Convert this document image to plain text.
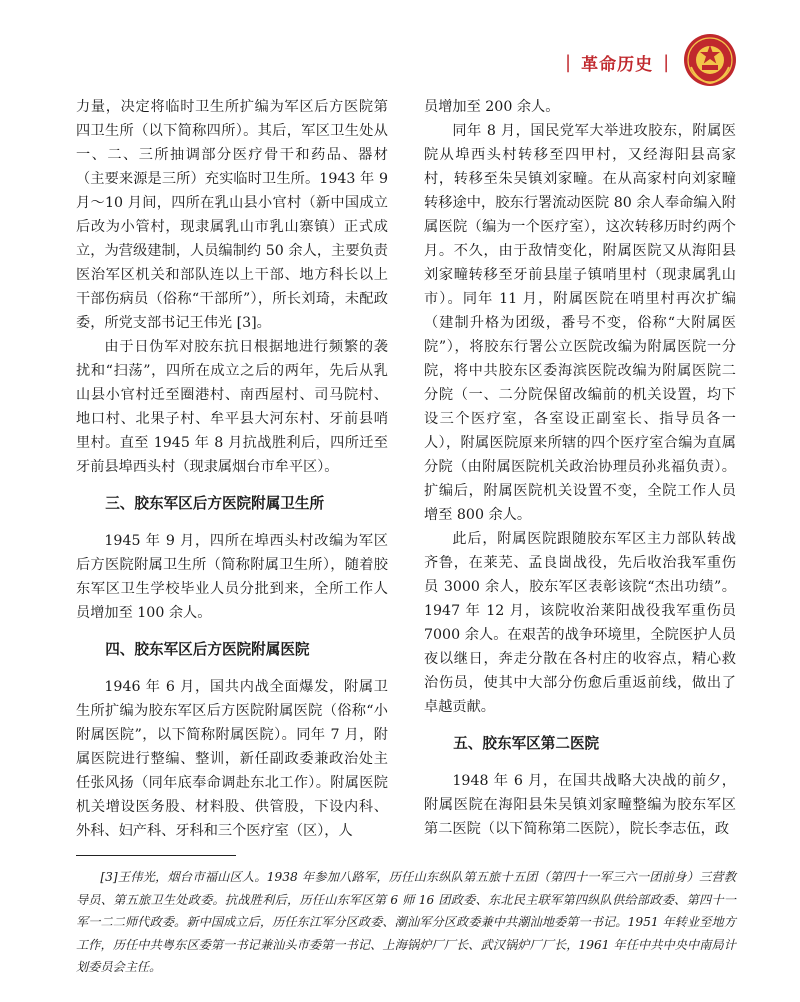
| 革命历史 |

力量，决定将临时卫生所扩编为军区后方医院第四卫生所（以下简称四所）。其后，军区卫生处从一、二、三所抽调部分医疗骨干和药品、器材（主要来源是三所）充实临时卫生所。1943 年 9 月～10 月间，四所在乳山县小官村（新中国成立后改为小管村，现隶属乳山市乳山寨镇）正式成立，为营级建制，人员编制约 50 余人，主要负责医治军区机关和部队连以上干部、地方科长以上干部伤病员（俗称“干部所”），所长刘琦，未配政委，所党支部书记王伟光 [3]。

由于日伪军对胶东抗日根据地进行频繁的袭扰和“扫荡”，四所在成立之后的两年，先后从乳山县小官村迁至圈港村、南西屋村、司马院村、地口村、北果子村、牟平县大河东村、牙前县哨里村。直至 1945 年 8 月抗战胜利后，四所迁至牙前县埠西头村（现隶属烟台市牟平区）。

三、胶东军区后方医院附属卫生所

1945 年 9 月，四所在埠西头村改编为军区后方医院附属卫生所（简称附属卫生所），随着胶东军区卫生学校毕业人员分批到来，全所工作人员增加至 100 余人。

四、胶东军区后方医院附属医院

1946 年 6 月，国共内战全面爆发，附属卫生所扩编为胶东军区后方医院附属医院（俗称“小附属医院”，以下简称附属医院）。同年 7 月，附属医院进行整编、整训，新任副政委兼政治处主任张风扬（同年底奉命调赴东北工作）。附属医院机关增设医务股、材料股、供管股，下设内科、外科、妇产科、牙科和三个医疗室（区），人

员增加至 200 余人。

同年 8 月，国民党军大举进攻胶东，附属医院从埠西头村转移至四甲村，又经海阳县高家村，转移至朱吴镇刘家疃。在从高家村向刘家疃转移途中，胶东行署流动医院 80 余人奉命编入附属医院（编为一个医疗室），这次转移历时约两个月。不久，由于敌情变化，附属医院又从海阳县刘家疃转移至牙前县崖子镇哨里村（现隶属乳山市）。同年 11 月，附属医院在哨里村再次扩编（建制升格为团级，番号不变，俗称“大附属医院”），将胶东行署公立医院改编为附属医院一分院，将中共胶东区委海滨医院改编为附属医院二分院（一、二分院保留改编前的机关设置，均下设三个医疗室，各室设正副室长、指导员各一人），附属医院原来所辖的四个医疗室合编为直属分院（由附属医院机关政治协理员孙兆福负责）。扩编后，附属医院机关设置不变，全院工作人员增至 800 余人。

此后，附属医院跟随胶东军区主力部队转战齐鲁，在莱芜、孟良崮战役，先后收治我军重伤员 3000 余人，胶东军区表彰该院“杰出功绩”。1947 年 12 月，该院收治莱阳战役我军重伤员 7000 余人。在艰苦的战争环境里，全院医护人员夜以继日，奔走分散在各村庄的收容点，精心救治伤员，使其中大部分伤愈后重返前线，做出了卓越贡献。

五、胶东军区第二医院

1948 年 6 月，在国共战略大决战的前夕，附属医院在海阳县朱吴镇刘家疃整编为胶东军区第二医院（以下简称第二医院），院长李志伍，政

[3]王伟光，烟台市福山区人。1938 年参加八路军，历任山东纵队第五旅十五团（第四十一军三六一团前身）三营教导员、第五旅卫生处政委。抗战胜利后，历任山东军区第 6 师 16 团政委、东北民主联军第四纵队供给部政委、第四十一军一二二师代政委。新中国成立后，历任东江军分区政委、潮汕军分区政委兼中共潮汕地委第一书记。1951 年转业至地方工作，历任中共粤东区委第一书记兼汕头市委第一书记、上海锅炉厂厂长、武汉锅炉厂厂长，1961 年任中共中央中南局计划委员会主任。
